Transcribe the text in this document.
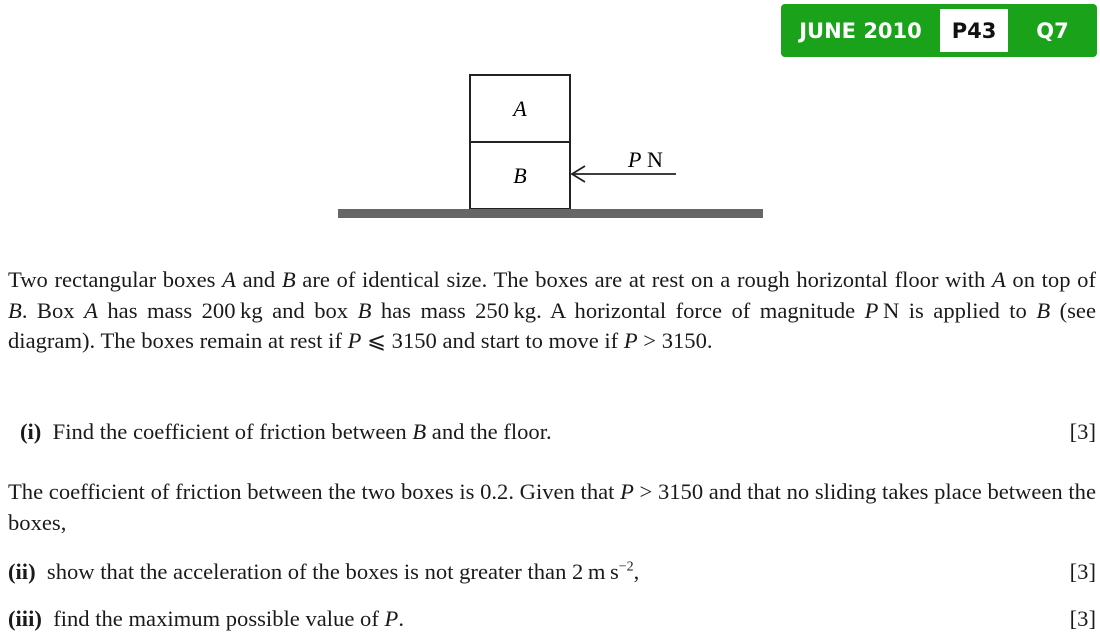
JUNE 2010	P43	Q7
A
B
P N
Two rectangular boxes A and B are of identical size. The boxes are at rest on a rough horizontal floor with A on top of B. Box A has mass 200 kg and box B has mass 250 kg. A horizontal force of magnitude P N is applied to B (see diagram). The boxes remain at rest if P ⩽ 3150 and start to move if P > 3150.
(i) Find the coefficient of friction between B and the floor.	[3]
The coefficient of friction between the two boxes is 0.2. Given that P > 3150 and that no sliding takes place between the boxes,
(ii) show that the acceleration of the boxes is not greater than 2 m $s^{-2}$,	[3]
(iii) find the maximum possible value of P.	[3]
